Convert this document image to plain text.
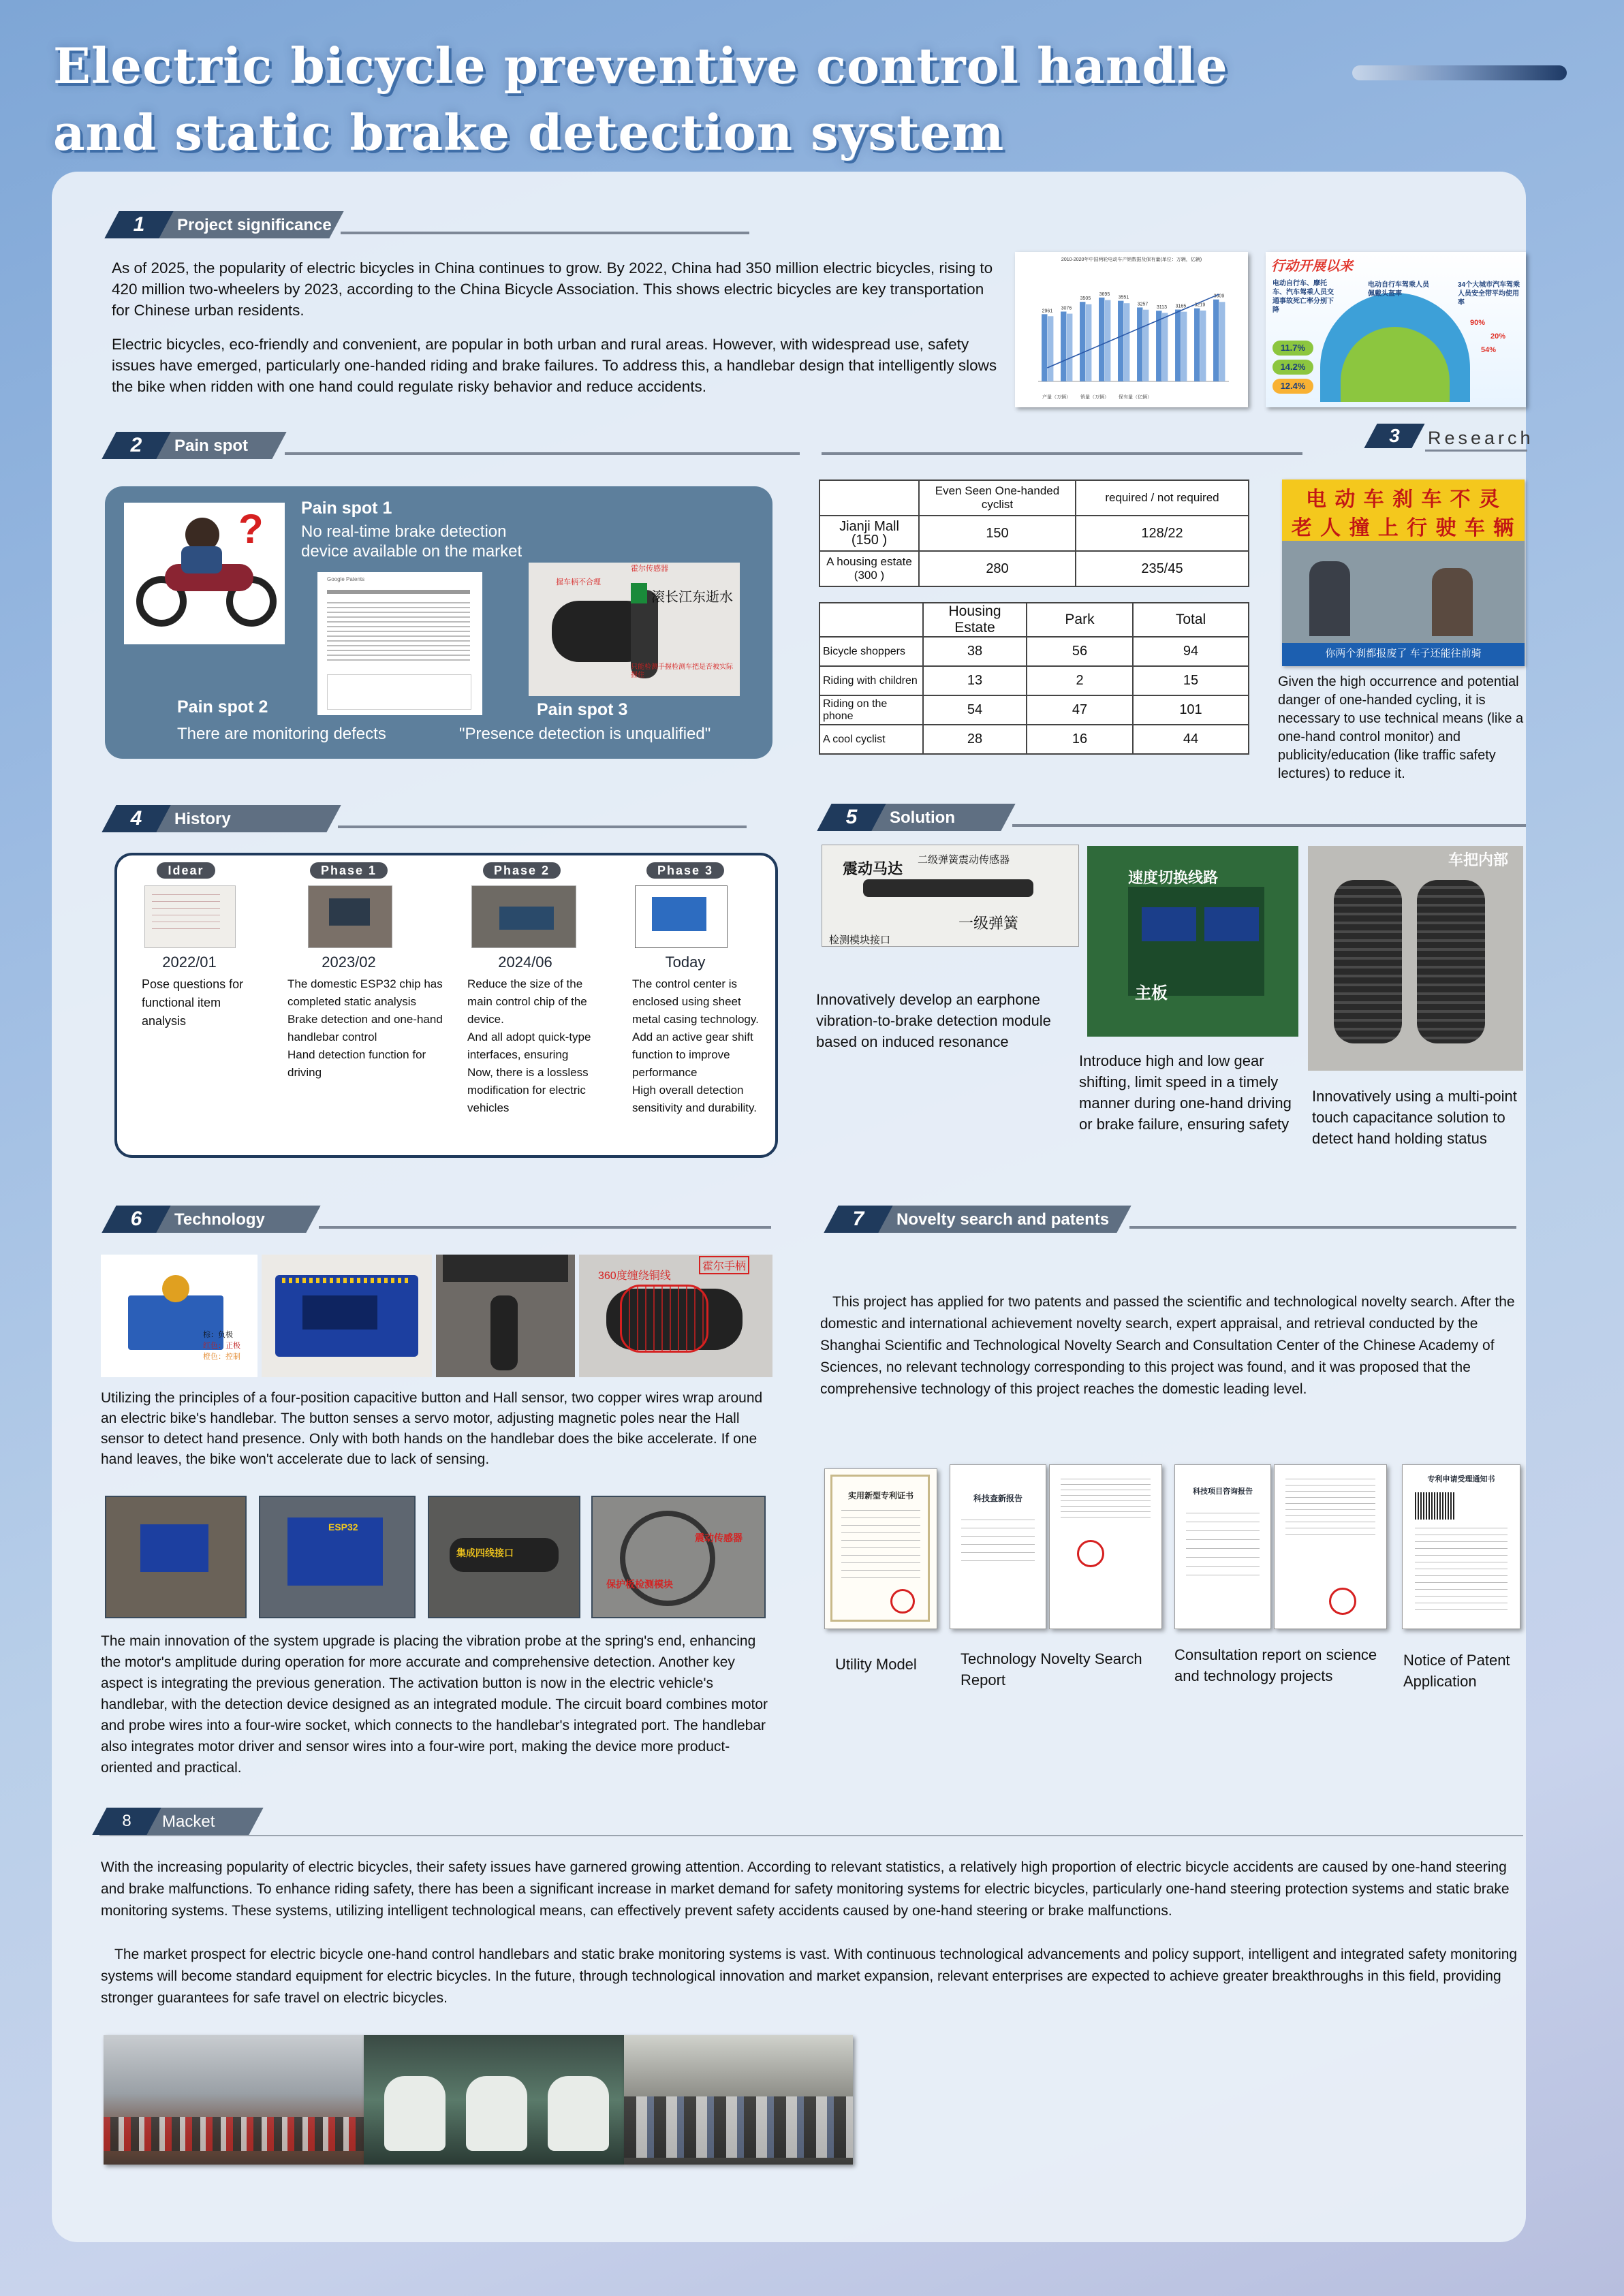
Electric bicycle preventive control handle and static brake detection system
1	Project significance
As of 2025, the popularity of electric bicycles in China continues to grow. By 2022, China had 350 million electric bicycles, rising to 420 million two-wheelers by 2023, according to the China Bicycle Association. This shows electric bicycles are key transportation for Chinese urban residents.
Electric bicycles, eco-friendly and convenient, are popular in both urban and rural areas. However, with widespread use, safety issues have emerged, particularly one-handed riding and brake failures. To address this, a handlebar design that intelligently slows the bike when ridden with one hand could regulate risky behavior and reduce accidents.
2010-2020年中国两轮电动车产销数据及保有量(单位：万辆，亿辆)
2961
3076
3505
3695
3551
3257
3113 3165 3219
3609
产量（万辆） 销量（万辆） 保有量（亿辆）
行动开展以来
电动自行车、摩托车、汽车驾乘人员交通事故死亡率分别下降
电动自行车驾乘人员佩戴头盔率
34个大城市汽车驾乘人员安全带平均使用率
11.7%
14.2%
12.4%
90%
20%
54%
2	Pain spot	3	Research
? Pain spot 1
No real-time brake detection device available on the market
Google Patents
霍尔传感器
握车柄不合理
只能检测手握检测车把是否被实际握住
滚长江东逝水
Pain spot 2
There are monitoring defects
Pain spot 3
"Presence detection is unqualified"
	Even Seen One-handed cyclist	required / not required
Jianji Mall
(150 )	150	128/22
A housing estate
(300 )	280	235/45
	Housing Estate	Park	Total
Bicycle shoppers	38	56	94
Riding with children	13	2	15
Riding on the phone	54	47	101
A cool cyclist	28	16	44
电 动 车 刹 车 不 灵
老 人 撞 上 行 驶 车 辆
你两个刹都报废了 车子还能往前骑
Given the high occurrence and potential danger of one-handed cycling, it is necessary to use technical means (like a one-hand control monitor) and publicity/education (like traffic safety lectures) to reduce it.
4	History
Idear
2022/01
Pose questions for functional item analysis
Phase 1
2023/02
The domestic ESP32 chip has completed static analysis
Brake detection and one-hand handlebar control
Hand detection function for driving
Phase 2
2024/06
Reduce the size of the main control chip of the device.
And all adopt quick-type interfaces, ensuring
Now, there is a lossless modification for electric vehicles
Phase 3
Today
The control center is enclosed using sheet metal casing technology.
Add an active gear shift function to improve performance
High overall detection sensitivity and durability.
5	Solution
震动马达
二级弹簧震动传感器
一级弹簧
检测模块接口
Innovatively develop an earphone vibration-to-brake detection module based on induced resonance
速度切换线路
主板
Introduce high and low gear shifting, limit speed in a timely manner during one-hand driving or brake failure, ensuring safety
车把内部
Innovatively using a multi-point touch capacitance solution to detect hand holding status
6	Technology
棕：负极
红色：正极
橙色：控制
360度缠绕铜线
霍尔手柄
Utilizing the principles of a four-position capacitive button and Hall sensor, two copper wires wrap around an electric bike's handlebar. The button senses a servo motor, adjusting magnetic poles near the Hall sensor to detect hand presence. Only with both hands on the handlebar does the bike accelerate. If one hand leaves, the bike won't accelerate due to lack of sensing.
ESP32
集成四线接口
保护板检测模块
震动传感器
The main innovation of the system upgrade is placing the vibration probe at the spring's end, enhancing the motor's amplitude during operation for more accurate and comprehensive detection. Another key aspect is integrating the previous generation. The activation button is now in the electric vehicle's handlebar, with the detection device designed as an integrated module. The circuit board combines motor and probe wires into a four-wire socket, which connects to the handlebar's integrated port. The handlebar also integrates motor driver and sensor wires into a four-wire port, making the device more product-oriented and practical.
7	Novelty search and patents
This project has applied for two patents and passed the scientific and technological novelty search. After the domestic and international achievement novelty search, expert appraisal, and retrieval conducted by the Shanghai Scientific and Technological Novelty Search and Consultation Center of the Chinese Academy of Sciences, no relevant technology corresponding to this project was found, and it was proposed that the comprehensive technology of this project reaches the domestic leading level.
实用新型专利证书	科技查新报告
科技项目咨询报告
专利申请受理通知书
Utility Model	Technology Novelty Search Report
Consultation report on science and technology projects
Notice of Patent Application
8	Macket
With the increasing popularity of electric bicycles, their safety issues have garnered growing attention. According to relevant statistics, a relatively high proportion of electric bicycle accidents are caused by one-hand steering and brake malfunctions. To enhance riding safety, there has been a significant increase in market demand for safety monitoring systems for electric bicycles, particularly one-hand steering protection systems and static brake monitoring systems. These systems, utilizing intelligent technological means, can effectively prevent safety accidents caused by one-hand steering or brake malfunctions.
The market prospect for electric bicycle one-hand control handlebars and static brake monitoring systems is vast. With continuous technological advancements and policy support, intelligent and integrated safety monitoring systems will become standard equipment for electric bicycles. In the future, through technological innovation and market expansion, relevant enterprises are expected to achieve greater breakthroughs in this field, providing stronger guarantees for safe travel on electric bicycles.
